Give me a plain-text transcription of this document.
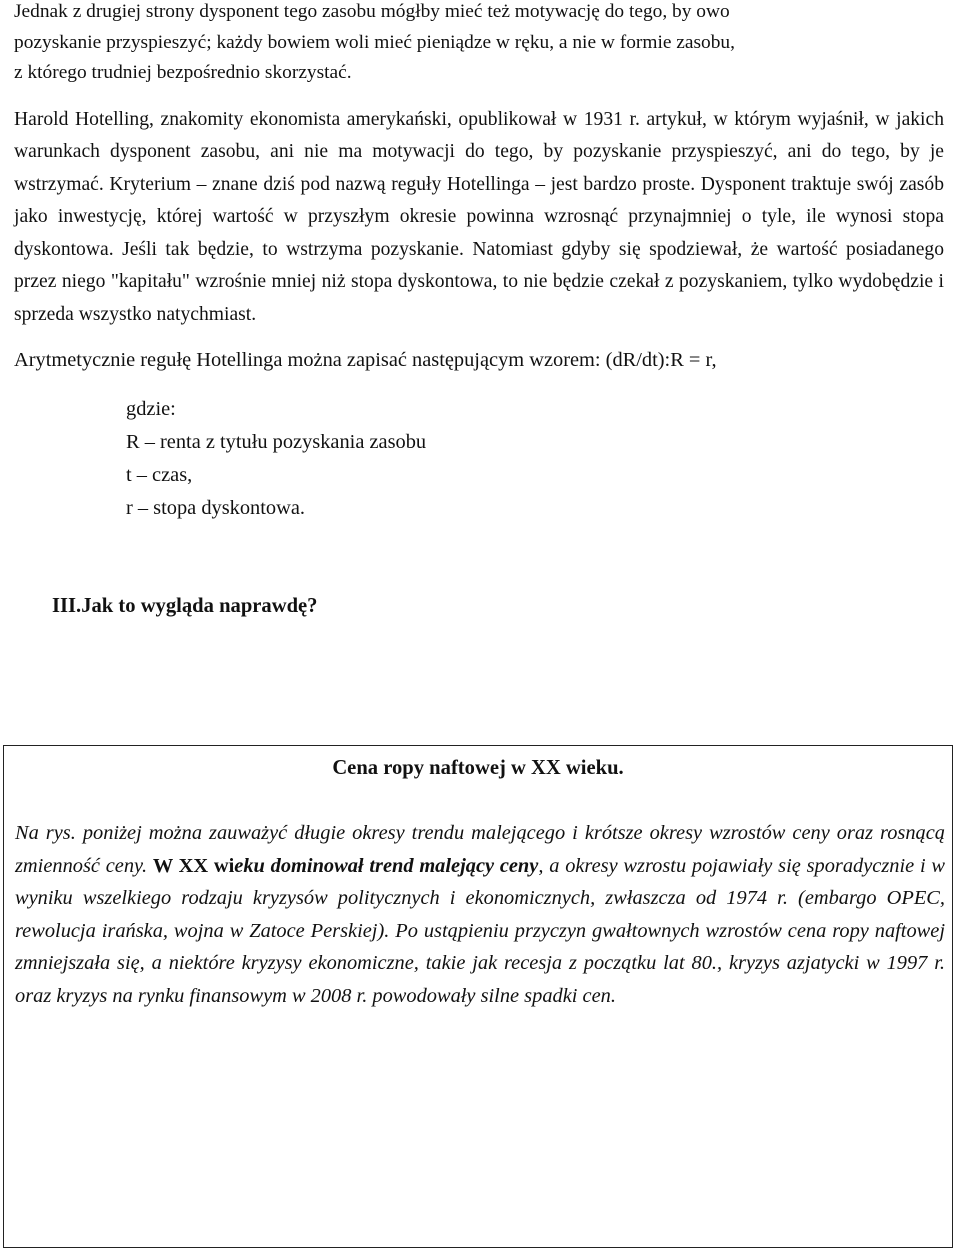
Jednak z drugiej strony dysponent tego zasobu mógłby mieć też motywację do tego, by owo
pozyskanie przyspieszyć; każdy bowiem woli mieć pieniądze w ręku, a nie w formie zasobu,
z którego trudniej bezpośrednio skorzystać.

Harold Hotelling, znakomity ekonomista amerykański, opublikował w 1931 r. artykuł, w którym wyjaśnił, w jakich warunkach dysponent zasobu, ani nie ma motywacji do tego, by pozyskanie przyspieszyć, ani do tego, by je wstrzymać. Kryterium – znane dziś pod nazwą reguły Hotellinga – jest bardzo proste. Dysponent traktuje swój zasób jako inwestycję, której wartość w przyszłym okresie powinna wzrosnąć przynajmniej o tyle, ile wynosi stopa dyskontowa. Jeśli tak będzie, to wstrzyma pozyskanie. Natomiast gdyby się spodziewał, że wartość posiadanego przez niego "kapitału" wzrośnie mniej niż stopa dyskontowa, to nie będzie czekał z pozyskaniem, tylko wydobędzie i sprzeda wszystko natychmiast.

Arytmetycznie regułę Hotellinga można zapisać następującym wzorem: (dR/dt):R = r,
gdzie:
R – renta z tytułu pozyskania zasobu
t – czas,
r – stopa dyskontowa.
III.Jak to wygląda naprawdę?
Cena ropy naftowej w XX wieku.
Na rys. poniżej można zauważyć długie okresy trendu malejącego i krótsze okresy wzrostów ceny oraz rosnącą zmienność ceny. W XX wieku dominował trend malejący ceny, a okresy wzrostu pojawiały się sporadycznie i w wyniku wszelkiego rodzaju kryzysów politycznych i ekonomicznych, zwłaszcza od 1974 r. (embargo OPEC, rewolucja irańska, wojna w Zatoce Perskiej). Po ustąpieniu przyczyn gwałtownych wzrostów cena ropy naftowej zmniejszała się, a niektóre kryzysy ekonomiczne, takie jak recesja z początku lat 80., kryzys azjatycki w 1997 r. oraz kryzys na rynku finansowym w 2008 r. powodowały silne spadki cen.
